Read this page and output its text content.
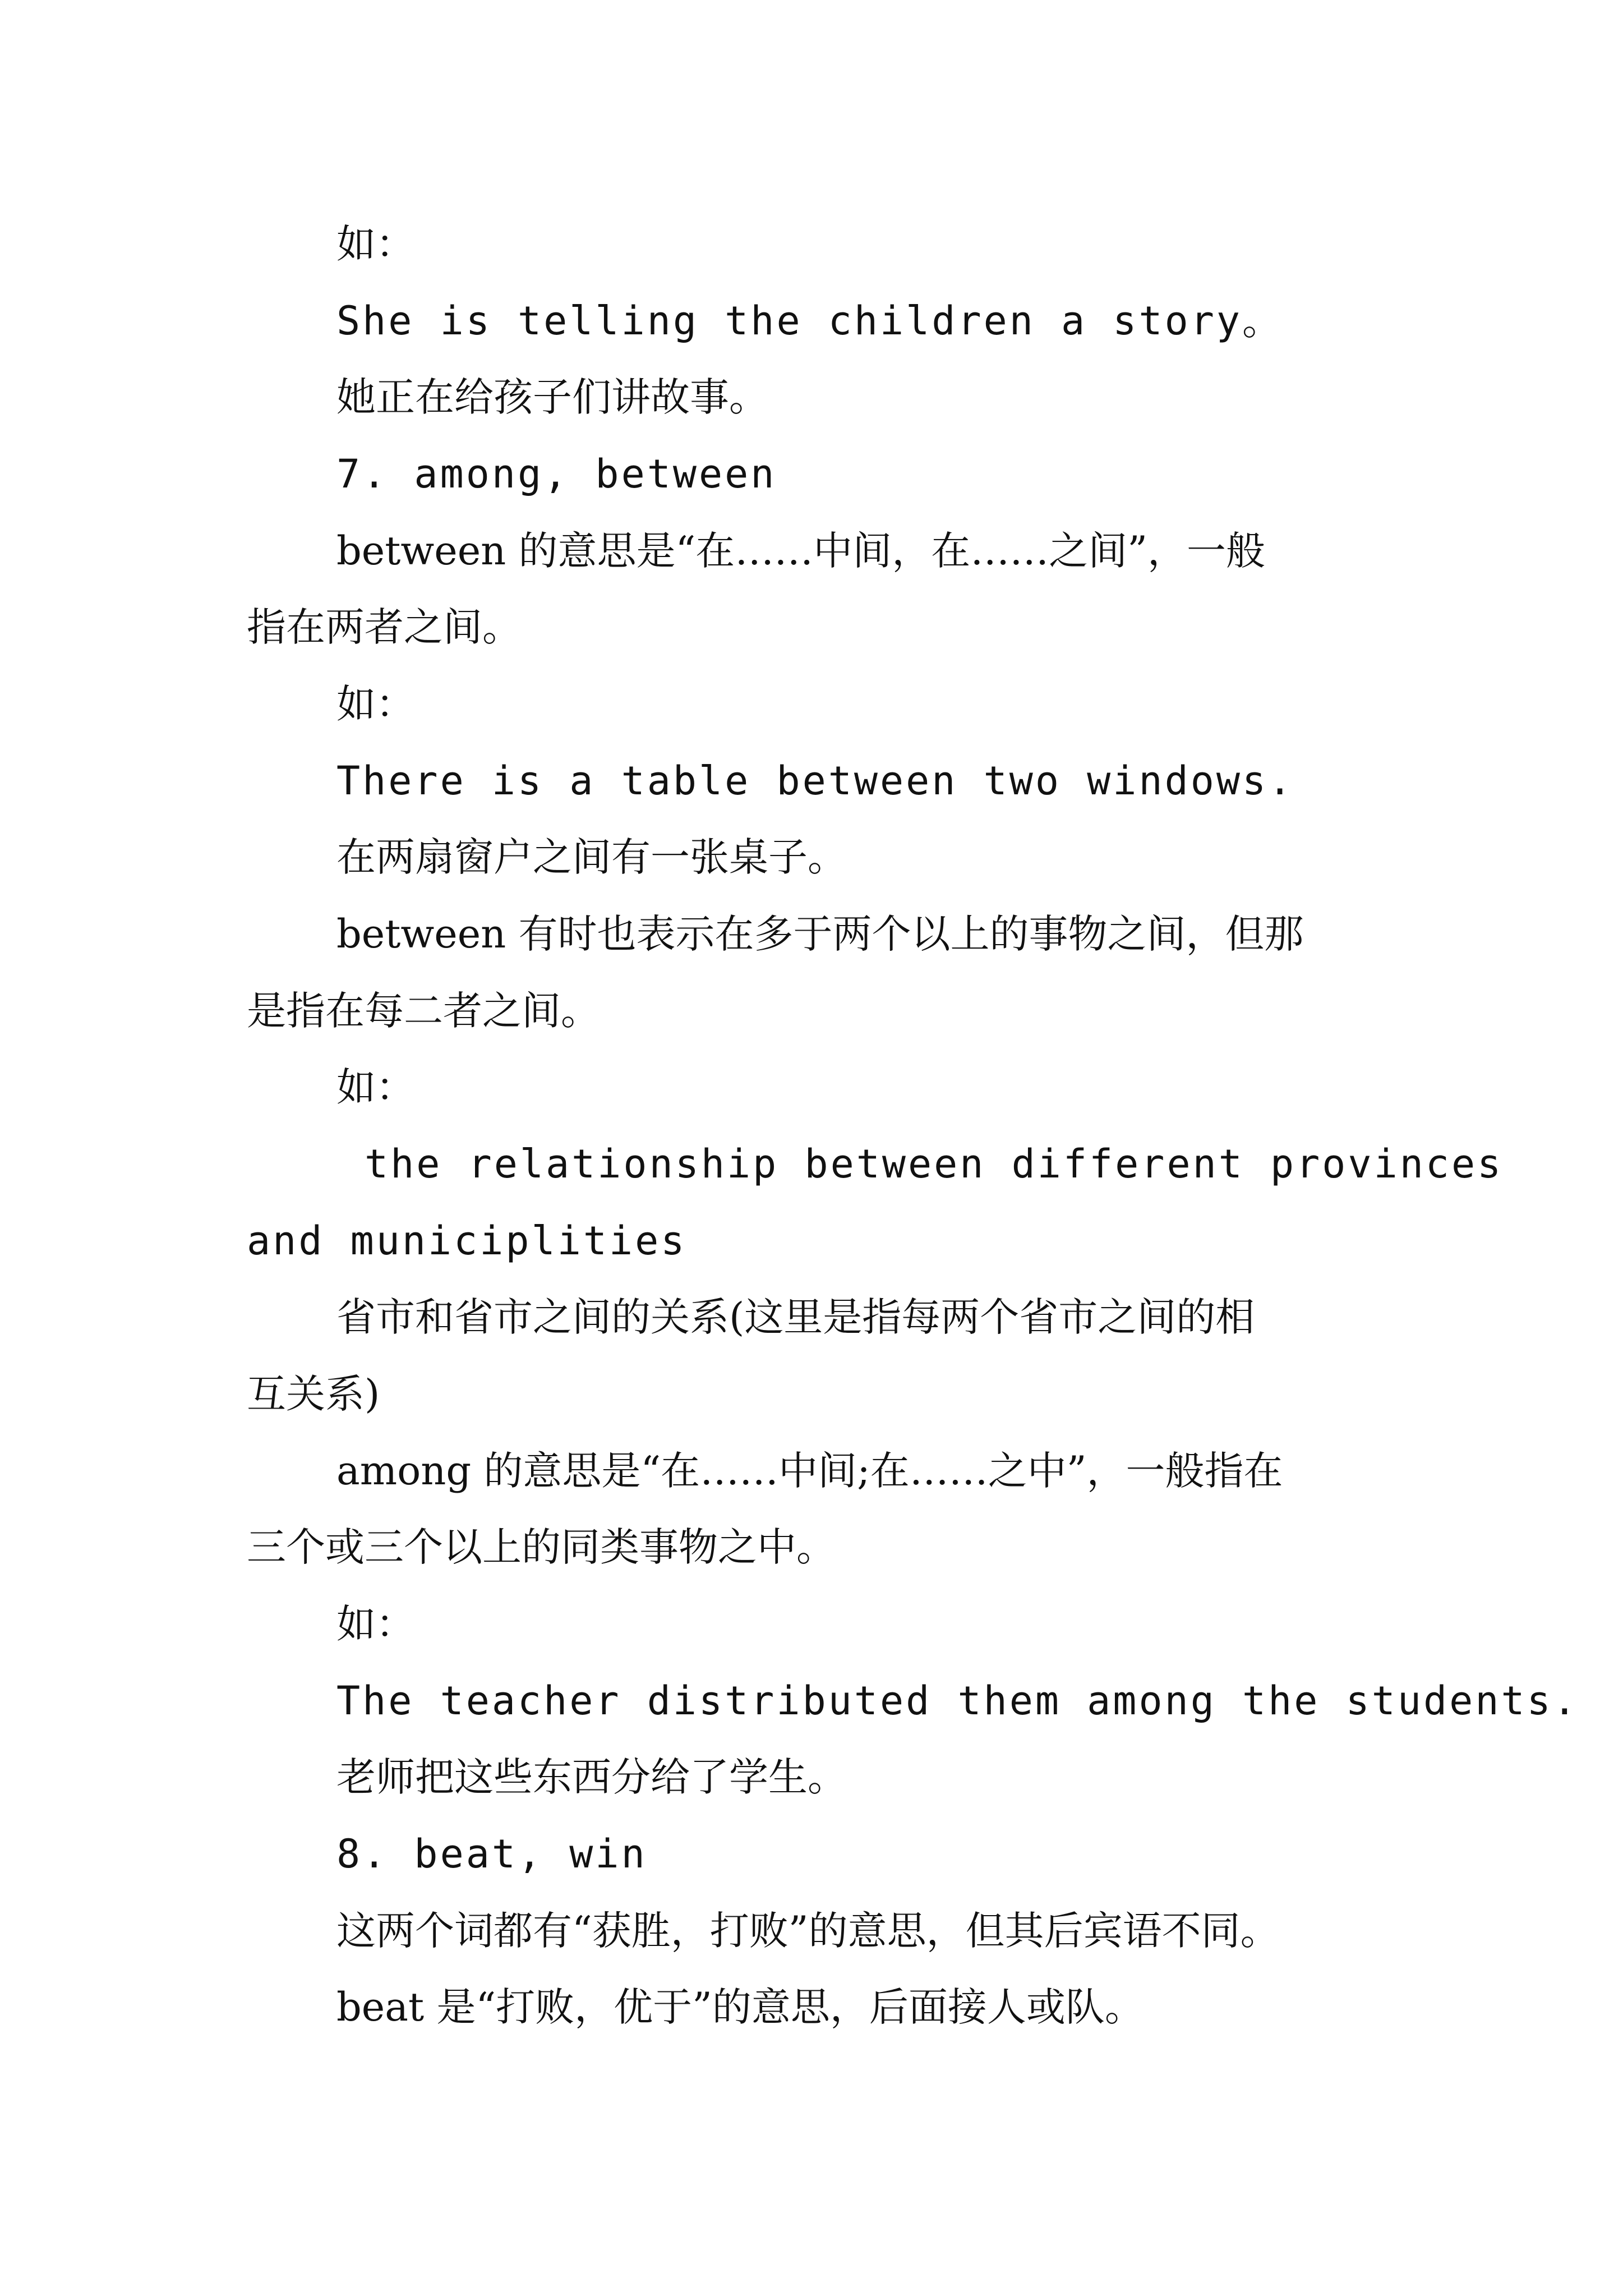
如：
She is telling the children a story。
她正在给孩子们讲故事。
7. among, between
between 的意思是“在……中间，在……之间”，一般
指在两者之间。
如：
There is a table between two windows.
在两扇窗户之间有一张桌子。
between 有时也表示在多于两个以上的事物之间，但那
是指在每二者之间。
如：
the relationship between different provinces
and municiplities
省市和省市之间的关系(这里是指每两个省市之间的相
互关系)
among 的意思是“在……中间;在……之中”，一般指在
三个或三个以上的同类事物之中。
如：
The teacher distributed them among the students.
老师把这些东西分给了学生。
8. beat, win
这两个词都有“获胜，打败”的意思，但其后宾语不同。
beat 是“打败，优于”的意思，后面接人或队。
